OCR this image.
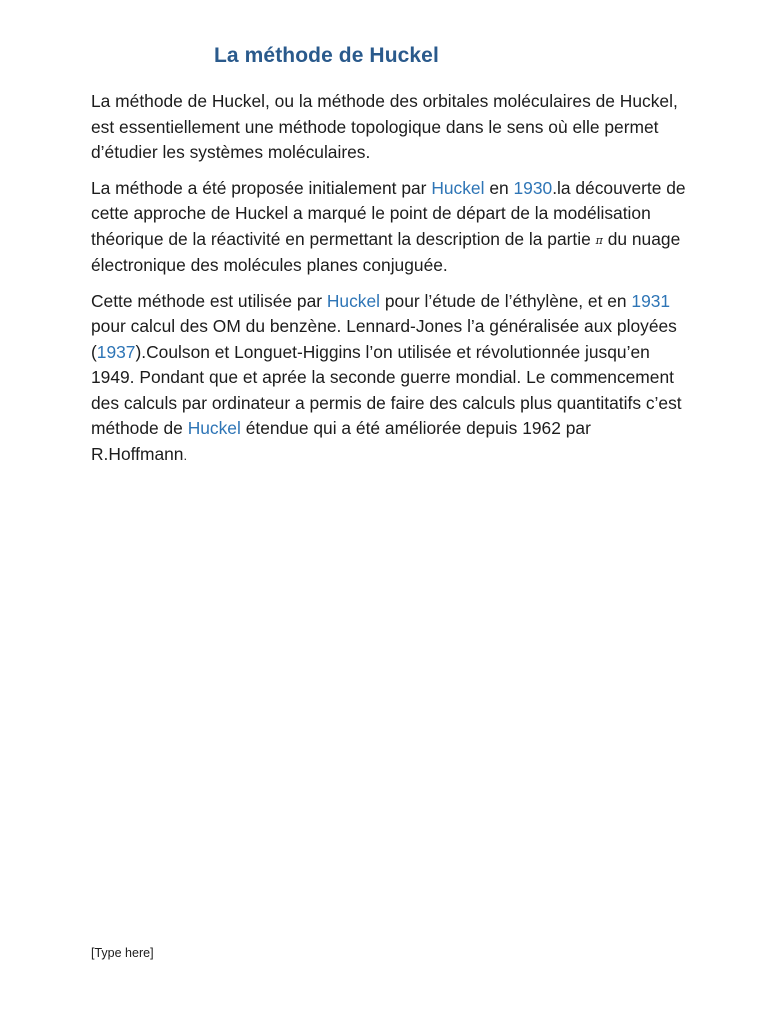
La méthode de Huckel

La méthode de Huckel, ou la méthode des orbitales moléculaires de Huckel, est essentiellement une méthode topologique dans le sens où elle permet d’étudier les systèmes moléculaires.

La méthode a été proposée initialement par Huckel en 1930.la découverte de cette approche de Huckel a marqué le point de départ de la modélisation théorique de la réactivité en permettant la description de la partie π du nuage électronique des molécules planes conjuguée.

Cette méthode est utilisée par Huckel pour l’étude de l’éthylène, et en 1931 pour calcul des OM du benzène. Lennard-Jones l’a généralisée aux ployées (1937).Coulson et Longuet-Higgins l’on utilisée et révolutionnée jusqu’en 1949. Pondant que et aprée la seconde guerre mondial. Le commencement des calculs par ordinateur a permis de faire des calculs plus quantitatifs c’est méthode de Huckel étendue qui a été améliorée depuis 1962 par R.Hoffmann.

[Type here]
